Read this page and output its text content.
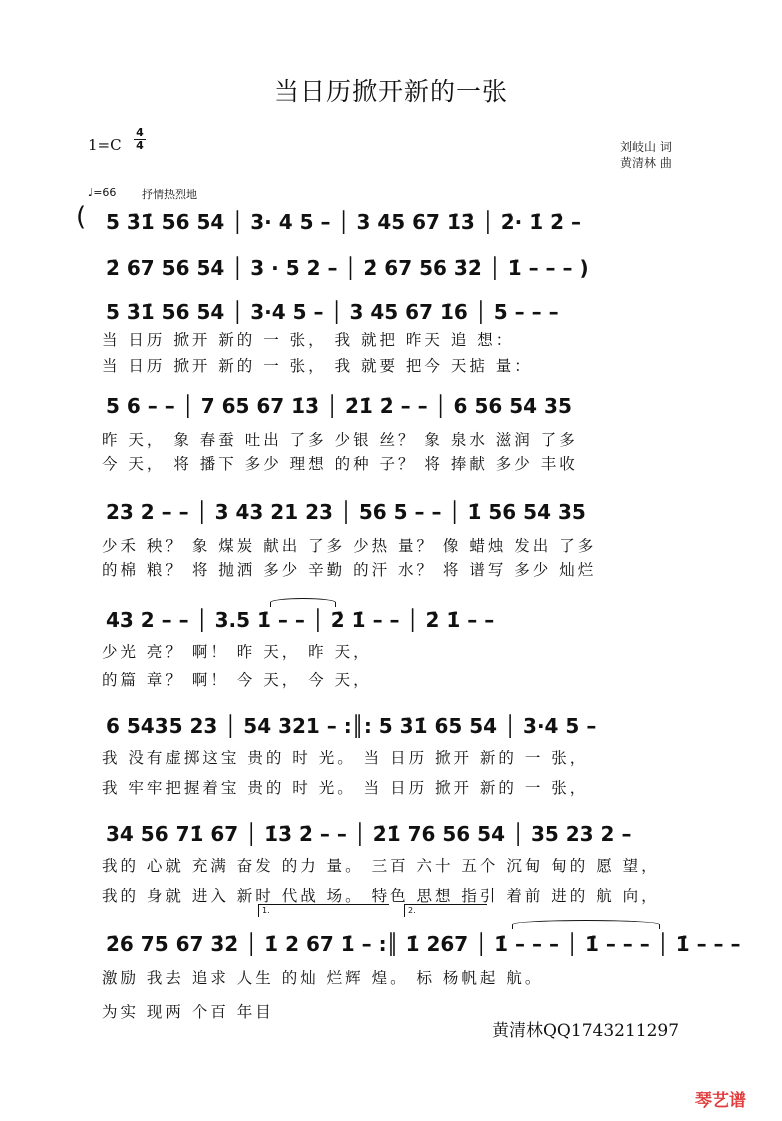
当日历掀开新的一张
1=C
4
4	刘岐山 词
黄清林 曲
♩=66 抒情热烈地
( 5 3̇1̇ 56 54 │ 3· 4 5 – │ 3 45 67 1̇3̇ │ 2̇· 1̇ 2̇ –
2̇ 67 56 54 │ 3 · 5 2 – │ 2̇ 67 56 3̇2̇ │ 1̇ – – – )
5 3̇1̇ 56 54 │ 3·4 5 – │ 3 45 67 1̇6 │ 5 – – –
当 日历 掀开 新的 一 张， 我 就把 昨天 追 想：
当 日历 掀开 新的 一 张， 我 就要 把今 天掂 量：
5 6 – – │ 7 65 67 1̇3̇ │ 2̇1̇ 2̇ – – │ 6 56 54 35
昨 天， 象 春蚕 吐出 了多 少银 丝？ 象 泉水 滋润 了多
今 天， 将 播下 多少 理想 的种 子？ 将 捧献 多少 丰收
23 2 – – │ 3 43 21 23 │ 56 5 – – │ 1̇ 56 54 35
少禾 秧？ 象 煤炭 献出 了多 少热 量？ 像 蜡烛 发出 了多
的棉 粮？ 将 抛洒 多少 辛勤 的汗 水？ 将 谱写 多少 灿烂
43 2 – – │ 3.5 1̇ – – │ 2̇ 1̇ – – │ 2̇ 1̇ – –
少光 亮？ 啊！ 昨 天， 昨 天，
的篇 章？ 啊！ 今 天， 今 天，
6 5435 23 │ 54 321 – :║: 5 3̇1̇ 65 54 │ 3·4 5 –
我 没有虚掷这宝 贵的 时 光。 当 日历 掀开 新的 一 张，
我 牢牢把握着宝 贵的 时 光。 当 日历 掀开 新的 一 张，
34 56 71̇ 67 │ 1̇3̇ 2̇ – – │ 2̇1̇ 76 56 54 │ 35 23 2 –
我的 心就 充满 奋发 的力 量。 三百 六十 五个 沉甸 甸的 愿 望，
我的 身就 进入 新时 代战 场。 特色 思想 指引 着前 进的 航 向，
1.	2.
2̇6 75 67 3̇2̇ │ 1̇ 2 67 1̇ – :║ 1̇ 267 │ 1̇ – – – │ 1̇ – – – │ 1̇ – – –
激励 我去 追求 人生 的灿 烂辉 煌。 标 杨帆起 航。
为实 现两 个百 年目
黄清林QQ1743211297
琴艺谱
